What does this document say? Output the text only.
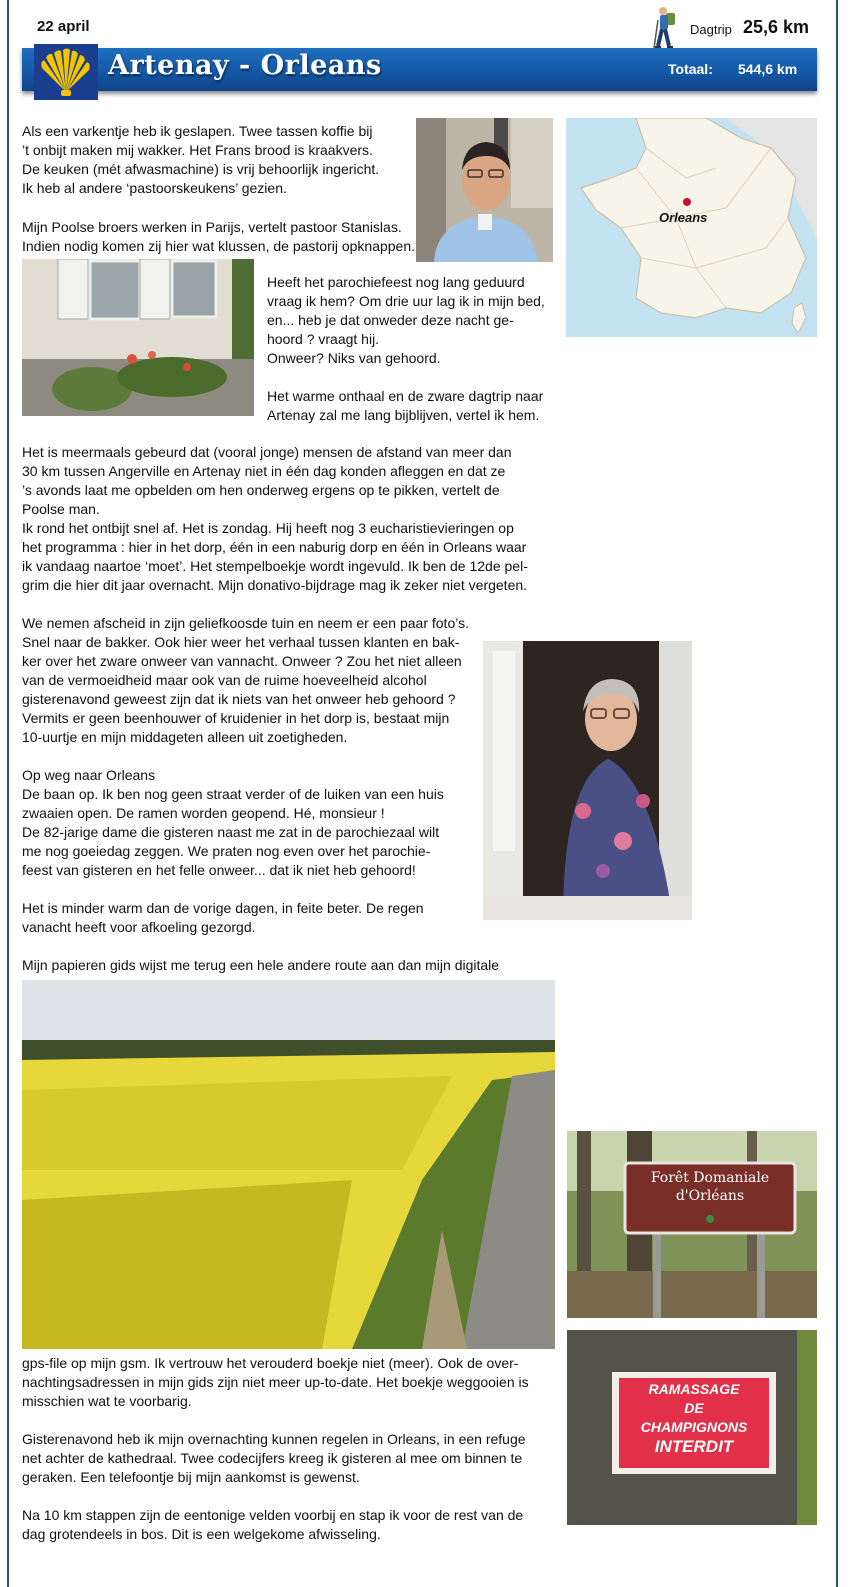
22 april	Dagtrip 25,6 km
Artenay - Orleans	Totaal: 544,6 km

Als een varkentje heb ik geslapen. Twee tassen koffie bij
’t onbijt maken mij wakker. Het Frans brood is kraakvers.
De keuken (mét afwasmachine) is vrij behoorlijk ingericht.
Ik heb al andere ‘pastoorskeukens’ gezien.

Mijn Poolse broers werken in Parijs, vertelt pastoor Stanislas.
Indien nodig komen zij hier wat klussen, de pastorij opknappen.

Heeft het parochiefeest nog lang geduurd
vraag ik hem? Om drie uur lag ik in mijn bed,
en... heb je dat onweder deze nacht ge-
hoord ? vraagt hij.
Onweer? Niks van gehoord.

Het warme onthaal en de zware dagtrip naar
Artenay zal me lang bijblijven, vertel ik hem.

Het is meermaals gebeurd dat (vooral jonge) mensen de afstand van meer dan
30 km tussen Angerville en Artenay niet in één dag konden afleggen en dat ze
’s avonds laat me opbelden om hen onderweg ergens op te pikken, vertelt de
Poolse man.
Ik rond het ontbijt snel af. Het is zondag. Hij heeft nog 3 eucharistievieringen op
het programma : hier in het dorp, één in een naburig dorp en één in Orleans waar
ik vandaag naartoe ‘moet’. Het stempelboekje wordt ingevuld. Ik ben de 12de pel-
grim die hier dit jaar overnacht. Mijn donativo-bijdrage mag ik zeker niet vergeten.

We nemen afscheid in zijn geliefkoosde tuin en neem er een paar foto’s.
Snel naar de bakker. Ook hier weer het verhaal tussen klanten en bak-
ker over het zware onweer van vannacht. Onweer ? Zou het niet alleen
van de vermoeidheid maar ook van de ruime hoeveelheid alcohol
gisterenavond geweest zijn dat ik niets van het onweer heb gehoord ?
Vermits er geen beenhouwer of kruidenier in het dorp is, bestaat mijn
10-uurtje en mijn middageten alleen uit zoetigheden.

Op weg naar Orleans
De baan op. Ik ben nog geen straat verder of de luiken van een huis
zwaaien open. De ramen worden geopend. Hé, monsieur !
De 82-jarige dame die gisteren naast me zat in de parochiezaal wilt
me nog goeiedag zeggen. We praten nog even over het parochie-
feest van gisteren en het felle onweer... dat ik niet heb gehoord!

Het is minder warm dan de vorige dagen, in feite beter. De regen
vanacht heeft voor afkoeling gezorgd.

Mijn papieren gids wijst me terug een hele andere route aan dan mijn digitale

gps-file op mijn gsm. Ik vertrouw het verouderd boekje niet (meer). Ook de over-
nachtingsadressen in mijn gids zijn niet meer up-to-date. Het boekje weggooien is
misschien wat te voorbarig.

Gisterenavond heb ik mijn overnachting kunnen regelen in Orleans, in een refuge
net achter de kathedraal. Twee codecijfers kreeg ik gisteren al mee om binnen te
geraken. Een telefoontje bij mijn aankomst is gewenst.

Na 10 km stappen zijn de eentonige velden voorbij en stap ik voor de rest van de
dag grotendeels in bos. Dit is een welgekome afwisseling.

Orleans
Forêt Domaniale
d'Orléans
RAMASSAGE
DE
CHAMPIGNONS
INTERDIT
